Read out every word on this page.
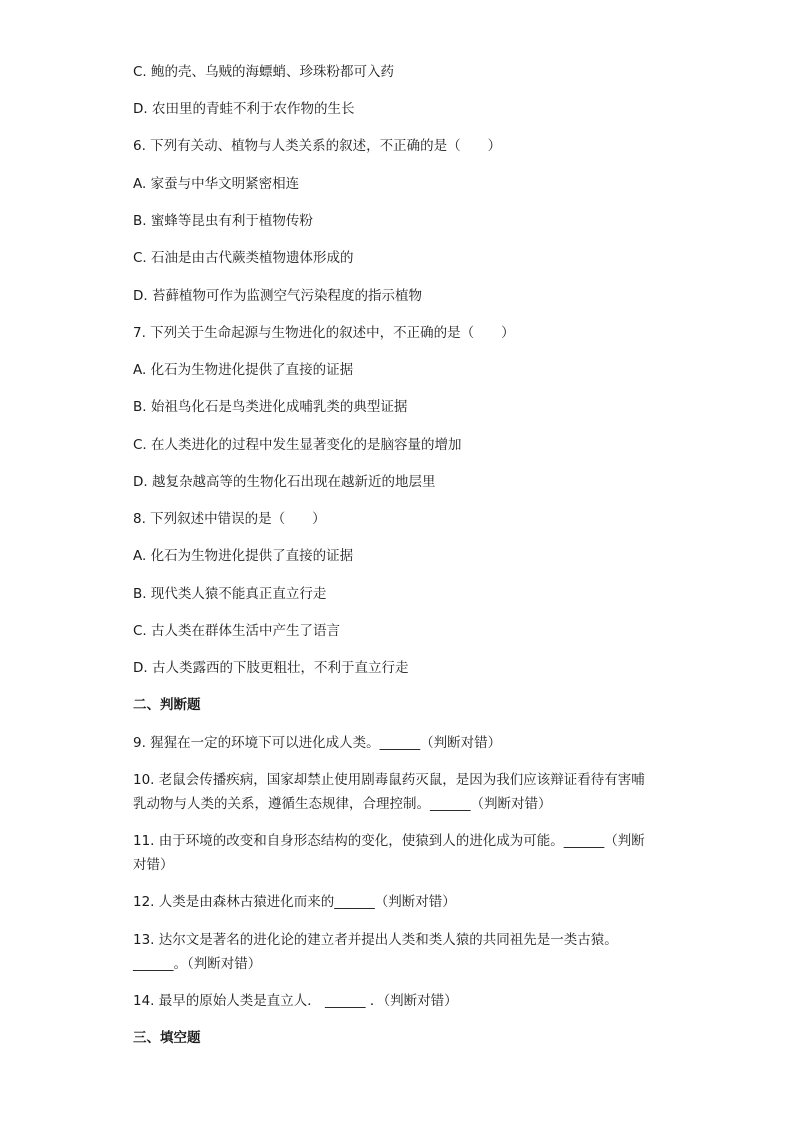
C. 鲍的壳、乌贼的海螵蛸、珍珠粉都可入药
D. 农田里的青蛙不利于农作物的生长
6. 下列有关动、植物与人类关系的叙述，不正确的是（　　）
A. 家蚕与中华文明紧密相连
B. 蜜蜂等昆虫有利于植物传粉
C. 石油是由古代蕨类植物遗体形成的
D. 苔藓植物可作为监测空气污染程度的指示植物
7. 下列关于生命起源与生物进化的叙述中，不正确的是（　　）
A. 化石为生物进化提供了直接的证据
B. 始祖鸟化石是鸟类进化成哺乳类的典型证据
C. 在人类进化的过程中发生显著变化的是脑容量的增加
D. 越复杂越高等的生物化石出现在越新近的地层里
8. 下列叙述中错误的是（　　）
A. 化石为生物进化提供了直接的证据
B. 现代类人猿不能真正直立行走
C. 古人类在群体生活中产生了语言
D. 古人类露西的下肢更粗壮，不利于直立行走
二、判断题
9. 猩猩在一定的环境下可以进化成人类。______（判断对错）
10. 老鼠会传播疾病，国家却禁止使用剧毒鼠药灭鼠，是因为我们应该辩证看待有害哺
乳动物与人类的关系，遵循生态规律，合理控制。______（判断对错）
11. 由于环境的改变和自身形态结构的变化，使猿到人的进化成为可能。______（判断
对错）
12. 人类是由森林古猿进化而来的______（判断对错）
13. 达尔文是著名的进化论的建立者并提出人类和类人猿的共同祖先是一类古猿。
______。（判断对错）
14. 最早的原始人类是直立人． ______ ．（判断对错）
三、填空题
